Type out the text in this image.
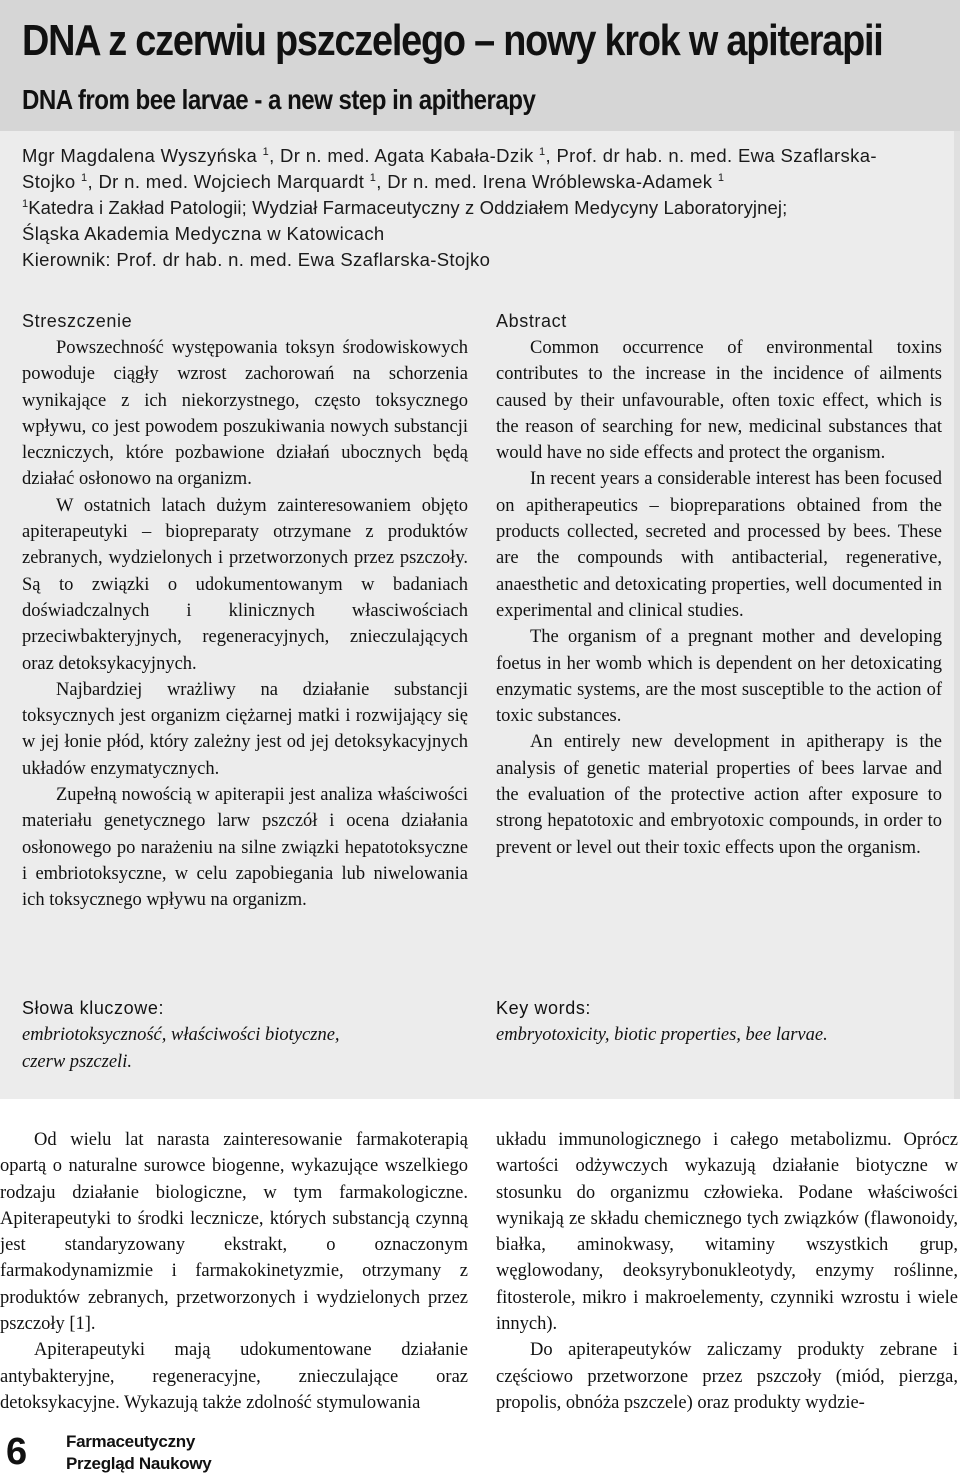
DNA z czerwiu pszczelego – nowy krok w apiterapii
DNA from bee larvae - a new step in apitherapy
Mgr Magdalena Wyszyńska $^1$, Dr n. med. Agata Kabała-Dzik $^1$, Prof. dr hab. n. med. Ewa Szaflarska-
Stojko $^1$, Dr n. med. Wojciech Marquardt $^1$, Dr n. med. Irena Wróblewska-Adamek $^1$
$^1$Katedra i Zakład Patologii; Wydział Farmaceutyczny z Oddziałem Medycyny Laboratoryjnej;
Śląska Akademia Medyczna w Katowicach
Kierownik: Prof. dr hab. n. med. Ewa Szaflarska-Stojko
Streszczenie

Powszechność występowania toksyn środowiskowych powoduje ciągły wzrost zachorowań na schorzenia wynikające z ich niekorzystnego, często toksycznego wpływu, co jest powodem poszukiwania nowych substancji leczniczych, które pozbawione działań ubocznych będą działać osłonowo na organizm.

W ostatnich latach dużym zainteresowaniem objęto apiterapeutyki – biopreparaty otrzymane z produktów zebranych, wydzielonych i przetworzonych przez pszczoły. Są to związki o udokumentowanym w badaniach doświadczalnych i klinicznych własciwościach przeciwbakteryjnych, regeneracyjnych, znieczulających oraz detoksykacyjnych.

Najbardziej wrażliwy na działanie substancji toksycznych jest organizm ciężarnej matki i rozwijający się w jej łonie płód, który zależny jest od jej detoksykacyjnych układów enzymatycznych.

Zupełną nowością w apiterapii jest analiza właściwości materiału genetycznego larw pszczół i ocena działania osłonowego po narażeniu na silne związki hepatotoksyczne i embriotoksyczne, w celu zapobiegania lub niwelowania ich toksycznego wpływu na organizm.

Abstract

Common occurrence of environmental toxins contributes to the increase in the incidence of ailments caused by their unfavourable, often toxic effect, which is the reason of searching for new, medicinal substances that would have no side effects and protect the organism.

In recent years a considerable interest has been focused on apitherapeutics – biopreparations obtained from the products collected, secreted and processed by bees. These are the compounds with antibacterial, regenerative, anaesthetic and detoxicating properties, well documented in experimental and clinical studies.

The organism of a pregnant mother and developing foetus in her womb which is dependent on her detoxicating enzymatic systems, are the most susceptible to the action of toxic substances.

An entirely new development in apitherapy is the analysis of genetic material properties of bees larvae and the evaluation of the protective action after exposure to strong hepatotoxic and embryotoxic compounds, in order to prevent or level out their toxic effects upon the organism.

Słowa kluczowe:
embriotoksyczność, właściwości biotyczne,
czerw pszczeli.
Key words:
embryotoxicity, biotic properties, bee larvae.

Od wielu lat narasta zainteresowanie farmakoterapią opartą o naturalne surowce biogenne, wykazujące wszelkiego rodzaju działanie biologiczne, w tym farmakologiczne. Apiterapeutyki to środki lecznicze, których substancją czynną jest standaryzowany ekstrakt, o oznaczonym farmakodynamizmie i farmakokinetyzmie, otrzymany z produktów zebranych, przetworzonych i wydzielonych przez pszczoły [1].

Apiterapeutyki mają udokumentowane działanie antybakteryjne, regeneracyjne, znieczulające oraz detoksykacyjne. Wykazują także zdolność stymulowania

układu immunologicznego i całego metabolizmu. Oprócz wartości odżywczych wykazują działanie biotyczne w stosunku do organizmu człowieka. Podane właściwości wynikają ze składu chemicznego tych związków (flawonoidy, białka, aminokwasy, witaminy wszystkich grup, węglowodany, deoksyrybonukleotydy, enzymy roślinne, fitosterole, mikro i makroelementy, czynniki wzrostu i wiele innych).

Do apiterapeutyków zaliczamy produkty zebrane i częściowo przetworzone przez pszczoły (miód, pierzga, propolis, obnóża pszczele) oraz produkty wydzie-

6 Farmaceutyczny
Przegląd Naukowy
